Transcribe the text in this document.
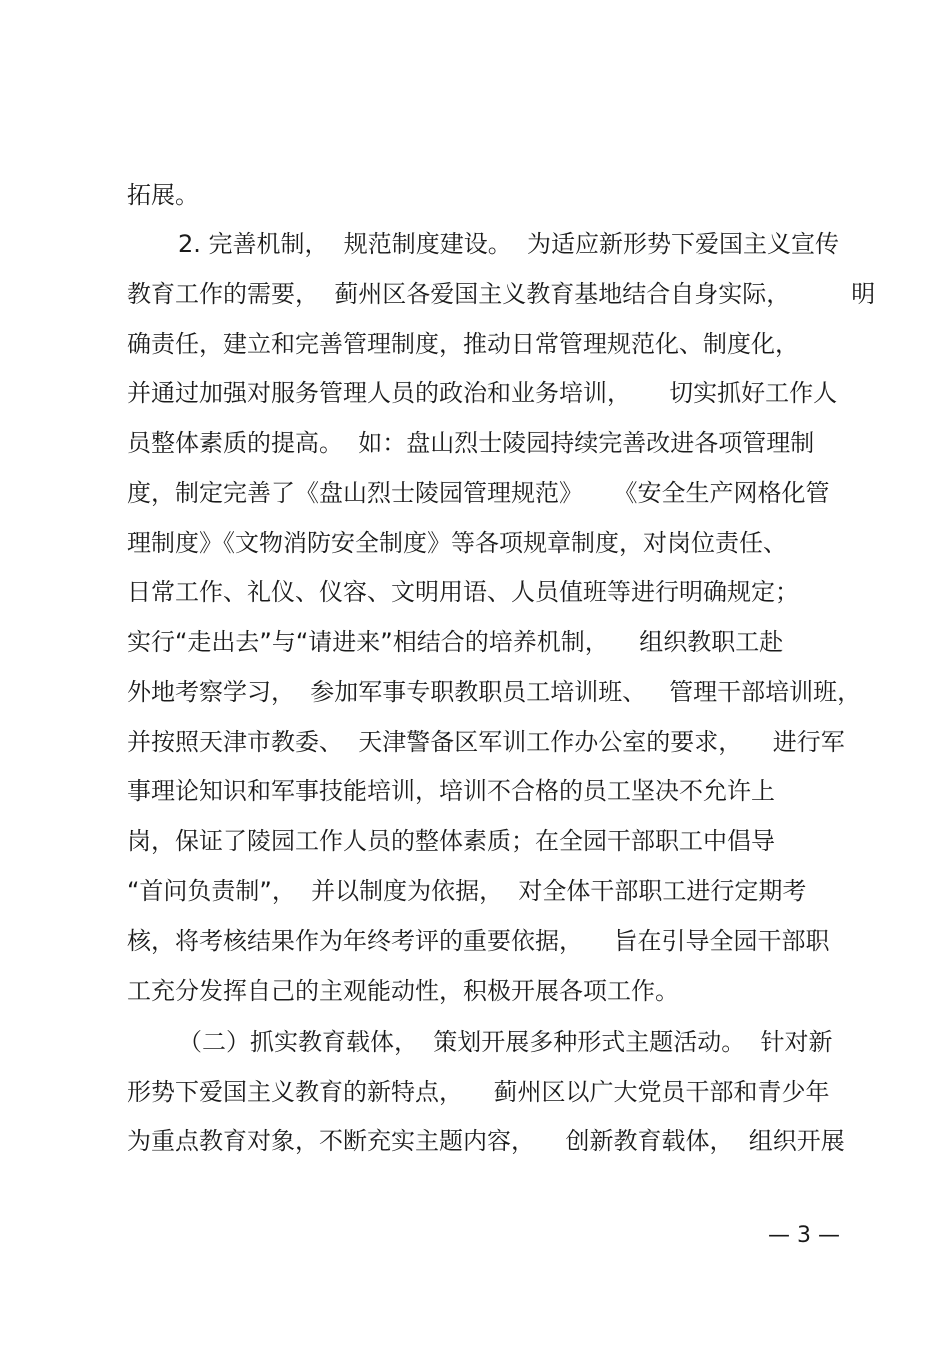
拓展。
2. 完善机制，  规范制度建设。  为适应新形势下爱国主义宣传
教育工作的需要，  蓟州区各爱国主义教育基地结合自身实际，        明
确责任，建立和完善管理制度，推动日常管理规范化、制度化，
并通过加强对服务管理人员的政治和业务培训，     切实抓好工作人
员整体素质的提高。  如：盘山烈士陵园持续完善改进各项管理制
度，制定完善了《盘山烈士陵园管理规范》    《安全生产网格化管
理制度》《文物消防安全制度》等各项规章制度，对岗位责任、
日常工作、礼仪、仪容、文明用语、人员值班等进行明确规定；
实行“走出去”与“请进来”相结合的培养机制，    组织教职工赴
外地考察学习，  参加军事专职教职员工培训班、   管理干部培训班，
并按照天津市教委、  天津警备区军训工作办公室的要求，    进行军
事理论知识和军事技能培训，培训不合格的员工坚决不允许上
岗，保证了陵园工作人员的整体素质；在全园干部职工中倡导
“首问负责制”，  并以制度为依据，  对全体干部职工进行定期考
核，将考核结果作为年终考评的重要依据，    旨在引导全园干部职
工充分发挥自己的主观能动性，积极开展各项工作。
（二）抓实教育载体，  策划开展多种形式主题活动。  针对新
形势下爱国主义教育的新特点，    蓟州区以广大党员干部和青少年
为重点教育对象，不断充实主题内容，    创新教育载体，  组织开展
— 3 —
